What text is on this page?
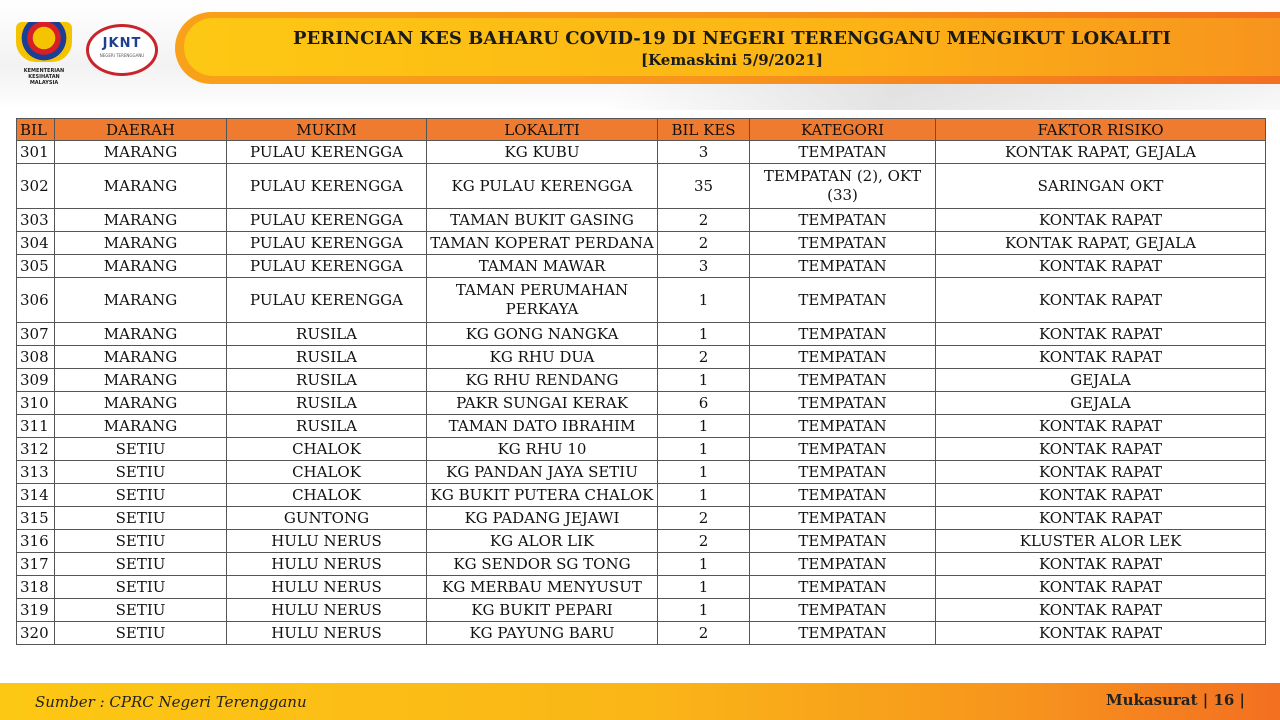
KEMENTERIAN KESIHATAN MALAYSIA
JKNT
NEGERI TERENGGANU
PERINCIAN KES BAHARU COVID-19 DI NEGERI TERENGGANU MENGIKUT LOKALITI
[Kemaskini 5/9/2021]
BIL	DAERAH	MUKIM	LOKALITI	BIL KES	KATEGORI	FAKTOR RISIKO
301	MARANG	PULAU KERENGGA	KG KUBU	3	TEMPATAN	KONTAK RAPAT, GEJALA
302	MARANG	PULAU KERENGGA	KG PULAU KERENGGA	35	TEMPATAN (2), OKT (33)	SARINGAN OKT
303	MARANG	PULAU KERENGGA	TAMAN BUKIT GASING	2	TEMPATAN	KONTAK RAPAT
304	MARANG	PULAU KERENGGA	TAMAN KOPERAT PERDANA	2	TEMPATAN	KONTAK RAPAT, GEJALA
305	MARANG	PULAU KERENGGA	TAMAN MAWAR	3	TEMPATAN	KONTAK RAPAT
306	MARANG	PULAU KERENGGA	TAMAN PERUMAHAN PERKAYA	1	TEMPATAN	KONTAK RAPAT
307	MARANG	RUSILA	KG GONG NANGKA	1	TEMPATAN	KONTAK RAPAT
308	MARANG	RUSILA	KG RHU DUA	2	TEMPATAN	KONTAK RAPAT
309	MARANG	RUSILA	KG RHU RENDANG	1	TEMPATAN	GEJALA
310	MARANG	RUSILA	PAKR SUNGAI KERAK	6	TEMPATAN	GEJALA
311	MARANG	RUSILA	TAMAN DATO IBRAHIM	1	TEMPATAN	KONTAK RAPAT
312	SETIU	CHALOK	KG RHU 10	1	TEMPATAN	KONTAK RAPAT
313	SETIU	CHALOK	KG PANDAN JAYA SETIU	1	TEMPATAN	KONTAK RAPAT
314	SETIU	CHALOK	KG BUKIT PUTERA CHALOK	1	TEMPATAN	KONTAK RAPAT
315	SETIU	GUNTONG	KG PADANG JEJAWI	2	TEMPATAN	KONTAK RAPAT
316	SETIU	HULU NERUS	KG ALOR LIK	2	TEMPATAN	KLUSTER ALOR LEK
317	SETIU	HULU NERUS	KG SENDOR SG TONG	1	TEMPATAN	KONTAK RAPAT
318	SETIU	HULU NERUS	KG MERBAU MENYUSUT	1	TEMPATAN	KONTAK RAPAT
319	SETIU	HULU NERUS	KG BUKIT PEPARI	1	TEMPATAN	KONTAK RAPAT
320	SETIU	HULU NERUS	KG PAYUNG BARU	2	TEMPATAN	KONTAK RAPAT
Sumber : CPRC Negeri Terengganu	Mukasurat | 16 |
